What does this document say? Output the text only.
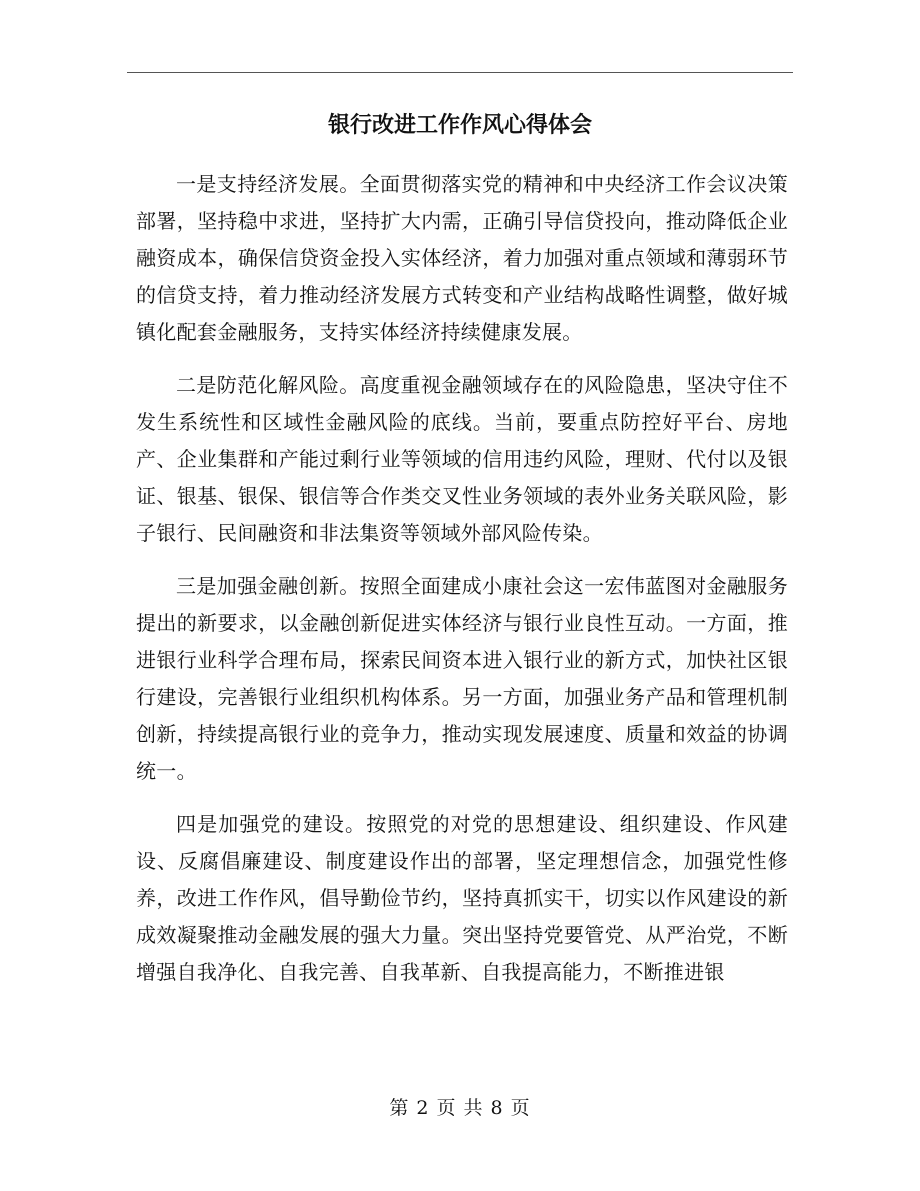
银行改进工作作风心得体会

一是支持经济发展。全面贯彻落实党的精神和中央经济工作会议决策部署，坚持稳中求进，坚持扩大内需，正确引导信贷投向，推动降低企业融资成本，确保信贷资金投入实体经济，着力加强对重点领域和薄弱环节的信贷支持，着力推动经济发展方式转变和产业结构战略性调整，做好城镇化配套金融服务，支持实体经济持续健康发展。

二是防范化解风险。高度重视金融领域存在的风险隐患，坚决守住不发生系统性和区域性金融风险的底线。当前，要重点防控好平台、房地产、企业集群和产能过剩行业等领域的信用违约风险，理财、代付以及银证、银基、银保、银信等合作类交叉性业务领域的表外业务关联风险，影子银行、民间融资和非法集资等领域外部风险传染。

三是加强金融创新。按照全面建成小康社会这一宏伟蓝图对金融服务提出的新要求，以金融创新促进实体经济与银行业良性互动。一方面，推进银行业科学合理布局，探索民间资本进入银行业的新方式，加快社区银行建设，完善银行业组织机构体系。另一方面，加强业务产品和管理机制创新，持续提高银行业的竞争力，推动实现发展速度、质量和效益的协调统一。

四是加强党的建设。按照党的对党的思想建设、组织建设、作风建设、反腐倡廉建设、制度建设作出的部署，坚定理想信念，加强党性修养，改进工作作风，倡导勤俭节约，坚持真抓实干，切实以作风建设的新成效凝聚推动金融发展的强大力量。突出坚持党要管党、从严治党，不断增强自我净化、自我完善、自我革新、自我提高能力，不断推进银

第 2 页 共 8 页
